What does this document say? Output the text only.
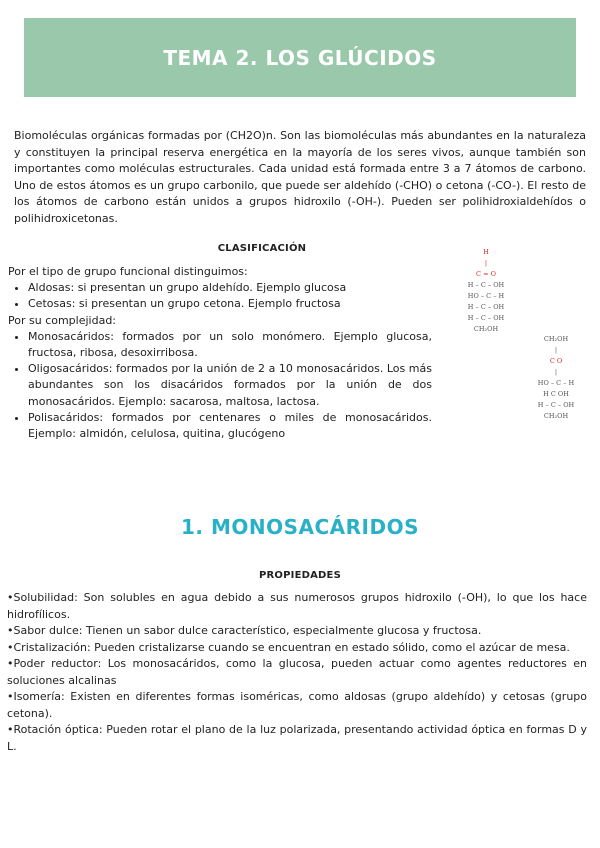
TEMA 2. LOS GLÚCIDOS

Biomoléculas orgánicas formadas por (CH2O)n. Son las biomoléculas más abundantes en la naturaleza y constituyen la principal reserva energética en la mayoría de los seres vivos, aunque también son importantes como moléculas estructurales. Cada unidad está formada entre 3 a 7 átomos de carbono. Uno de estos átomos es un grupo carbonilo, que puede ser aldehído (-CHO) o cetona (-CO-). El resto de los átomos de carbono están unidos a grupos hidroxilo (-OH-). Pueden ser polihidroxialdehídos o polihidroxicetonas.

CLASIFICACIÓN

Por el tipo de grupo funcional distinguimos:

• Aldosas: si presentan un grupo aldehído. Ejemplo glucosa
• Cetosas: si presentan un grupo cetona. Ejemplo fructosa

Por su complejidad:

• Monosacáridos: formados por un solo monómero. Ejemplo glucosa, fructosa, ribosa, desoxirribosa.
• Oligosacáridos: formados por la unión de 2 a 10 monosacáridos. Los más abundantes son los disacáridos formados por la unión de dos monosacáridos. Ejemplo: sacarosa, maltosa, lactosa.
• Polisacáridos: formados por centenares o miles de monosacáridos. Ejemplo: almidón, celulosa, quitina, glucógeno
H
|
C = O
H – C – OH
HO – C – H
H – C – OH
H – C – OH
CH₂OH
CH₂OH
|
C O
|
HO – C – H
H C OH
H – C – OH
CH₂OH
1. MONOSACÁRIDOS
PROPIEDADES

•Solubilidad: Son solubles en agua debido a sus numerosos grupos hidroxilo (-OH), lo que los hace hidrofílicos.

•Sabor dulce: Tienen un sabor dulce característico, especialmente glucosa y fructosa.

•Cristalización: Pueden cristalizarse cuando se encuentran en estado sólido, como el azúcar de mesa.

•Poder reductor: Los monosacáridos, como la glucosa, pueden actuar como agentes reductores en soluciones alcalinas

•Isomería: Existen en diferentes formas isoméricas, como aldosas (grupo aldehído) y cetosas (grupo cetona).

•Rotación óptica: Pueden rotar el plano de la luz polarizada, presentando actividad óptica en formas D y L.
